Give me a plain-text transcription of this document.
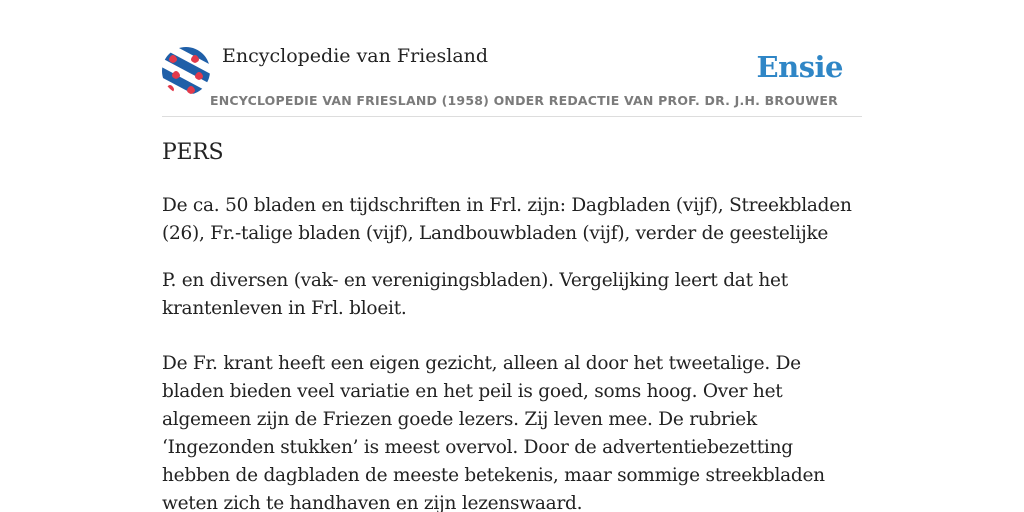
Encyclopedie van Friesland
ENCYCLOPEDIE VAN FRIESLAND (1958) ONDER REDACTIE VAN PROF. DR. J.H. BROUWER
Ensie
PERS

De ca. 50 bladen en tijdschriften in Frl. zijn: Dagbladen (vijf), Streekbladen (26), Fr.-talige bladen (vijf), Landbouwbladen (vijf), verder de geestelijke

P. en diversen (vak- en verenigingsbladen). Vergelijking leert dat het krantenleven in Frl. bloeit.

De Fr. krant heeft een eigen gezicht, alleen al door het tweetalige. De bladen bieden veel variatie en het peil is goed, soms hoog. Over het algemeen zijn de Friezen goede lezers. Zij leven mee. De rubriek ‘Ingezonden stukken’ is meest overvol. Door de advertentiebezetting hebben de dagbladen de meeste betekenis, maar sommige streekbladen weten zich te handhaven en zijn lezenswaard.
